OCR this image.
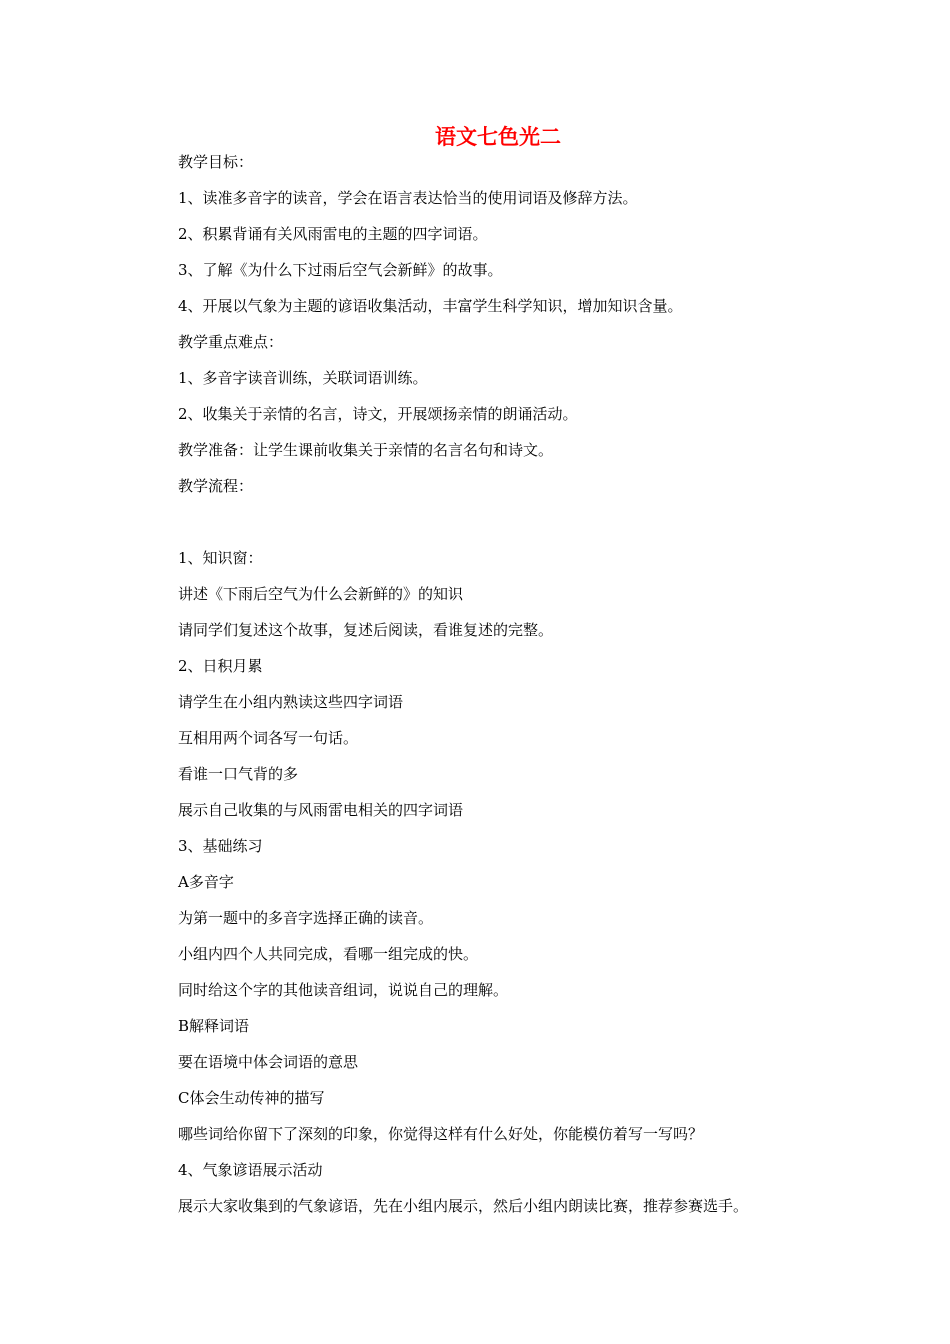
语文七色光二

教学目标：

1、读准多音字的读音，学会在语言表达恰当的使用词语及修辞方法。

2、积累背诵有关风雨雷电的主题的四字词语。

3、了解《为什么下过雨后空气会新鲜》的故事。

4、开展以气象为主题的谚语收集活动，丰富学生科学知识，增加知识含量。

教学重点难点：

1、多音字读音训练，关联词语训练。

2、收集关于亲情的名言，诗文，开展颂扬亲情的朗诵活动。

教学准备：让学生课前收集关于亲情的名言名句和诗文。

教学流程：

1、知识窗：

讲述《下雨后空气为什么会新鲜的》的知识

请同学们复述这个故事，复述后阅读，看谁复述的完整。

2、日积月累

请学生在小组内熟读这些四字词语

互相用两个词各写一句话。

看谁一口气背的多

展示自己收集的与风雨雷电相关的四字词语

3、基础练习

A多音字

为第一题中的多音字选择正确的读音。

小组内四个人共同完成，看哪一组完成的快。

同时给这个字的其他读音组词，说说自己的理解。

B解释词语

要在语境中体会词语的意思

C体会生动传神的描写

哪些词给你留下了深刻的印象，你觉得这样有什么好处，你能模仿着写一写吗？

4、气象谚语展示活动

展示大家收集到的气象谚语，先在小组内展示，然后小组内朗读比赛，推荐参赛选手。
